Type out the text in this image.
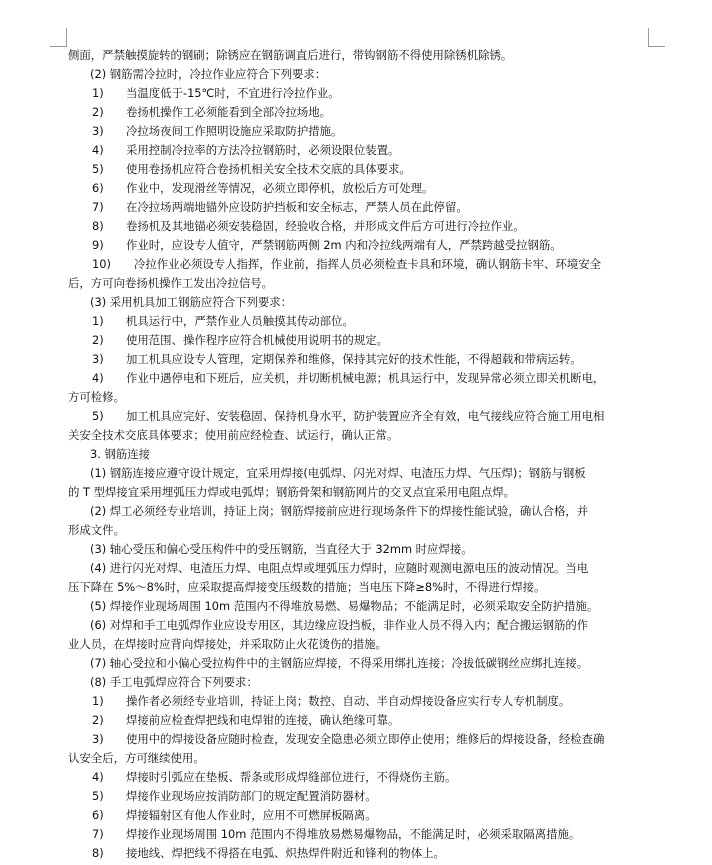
侧面，严禁触摸旋转的钢刷；除锈应在钢筋调直后进行，带钩钢筋不得使用除锈机除锈。
(2) 钢筋需冷拉时，冷拉作业应符合下列要求：
1) 当温度低于-15℃时，不宜进行冷拉作业。
2) 卷扬机操作工必须能看到全部冷拉场地。
3) 冷拉场夜间工作照明设施应采取防护措施。
4) 采用控制冷拉率的方法冷拉钢筋时，必须设限位装置。
5) 使用卷扬机应符合卷扬机相关安全技术交底的具体要求。
6) 作业中，发现滑丝等情况，必须立即停机，放松后方可处理。
7) 在冷拉场两端地锚外应设防护挡板和安全标志，严禁人员在此停留。
8) 卷扬机及其地锚必须安装稳固，经验收合格，并形成文件后方可进行冷拉作业。
9) 作业时，应设专人值守，严禁钢筋两侧 2m 内和冷拉线两端有人，严禁跨越受拉钢筋。
10) 冷拉作业必须设专人指挥，作业前，指挥人员必须检查卡具和环境，确认钢筋卡牢、环境安全
后，方可向卷扬机操作工发出冷拉信号。
(3) 采用机具加工钢筋应符合下列要求：
1) 机具运行中，严禁作业人员触摸其传动部位。
2) 使用范围、操作程序应符合机械使用说明书的规定。
3) 加工机具应设专人管理，定期保养和维修，保持其完好的技术性能，不得超载和带病运转。
4) 作业中遇停电和下班后，应关机，并切断机械电源；机具运行中，发现异常必须立即关机断电，
方可检修。
5) 加工机具应完好、安装稳固、保持机身水平，防护装置应齐全有效，电气接线应符合施工用电相
关安全技术交底具体要求；使用前应经检查、试运行，确认正常。
3. 钢筋连接
(1) 钢筋连接应遵守设计规定，宜采用焊接(电弧焊、闪光对焊、电渣压力焊、气压焊)；钢筋与钢板
的 T 型焊接宜采用埋弧压力焊或电弧焊；钢筋骨架和钢筋网片的交叉点宜采用电阻点焊。
(2) 焊工必须经专业培训，持证上岗；钢筋焊接前应进行现场条件下的焊接性能试验，确认合格，并
形成文件。
(3) 轴心受压和偏心受压构件中的受压钢筋，当直径大于 32mm 时应焊接。
(4) 进行闪光对焊、电渣压力焊、电阻点焊或埋弧压力焊时，应随时观测电源电压的波动情况。当电
压下降在 5%～8%时，应采取提高焊接变压级数的措施；当电压下降≥8%时，不得进行焊接。
(5) 焊接作业现场周围 10m 范围内不得堆放易燃、易爆物品；不能满足时，必须采取安全防护措施。
(6) 对焊和手工电弧焊作业应设专用区，其边缘应设挡板，非作业人员不得入内；配合搬运钢筋的作
业人员，在焊接时应背向焊接处，并采取防止火花烫伤的措施。
(7) 轴心受拉和小偏心受拉构件中的主钢筋应焊接，不得采用绑扎连接；冷拔低碳钢丝应绑扎连接。
(8) 手工电弧焊应符合下列要求：
1) 操作者必须经专业培训，持证上岗；数控、自动、半自动焊接设备应实行专人专机制度。
2) 焊接前应检查焊把线和电焊钳的连接，确认绝缘可靠。
3) 使用中的焊接设备应随时检查，发现安全隐患必须立即停止使用；维修后的焊接设备，经检查确
认安全后，方可继续使用。
4) 焊接时引弧应在垫板、帮条或形成焊缝部位进行，不得烧伤主筋。
5) 焊接作业现场应按消防部门的规定配置消防器材。
6) 焊接辐射区有他人作业时，应用不可燃屏板隔离。
7) 焊接作业现场周围 10m 范围内不得堆放易燃易爆物品，不能满足时，必须采取隔离措施。
8) 接地线、焊把线不得搭在电弧、炽热焊件附近和锋利的物体上。
